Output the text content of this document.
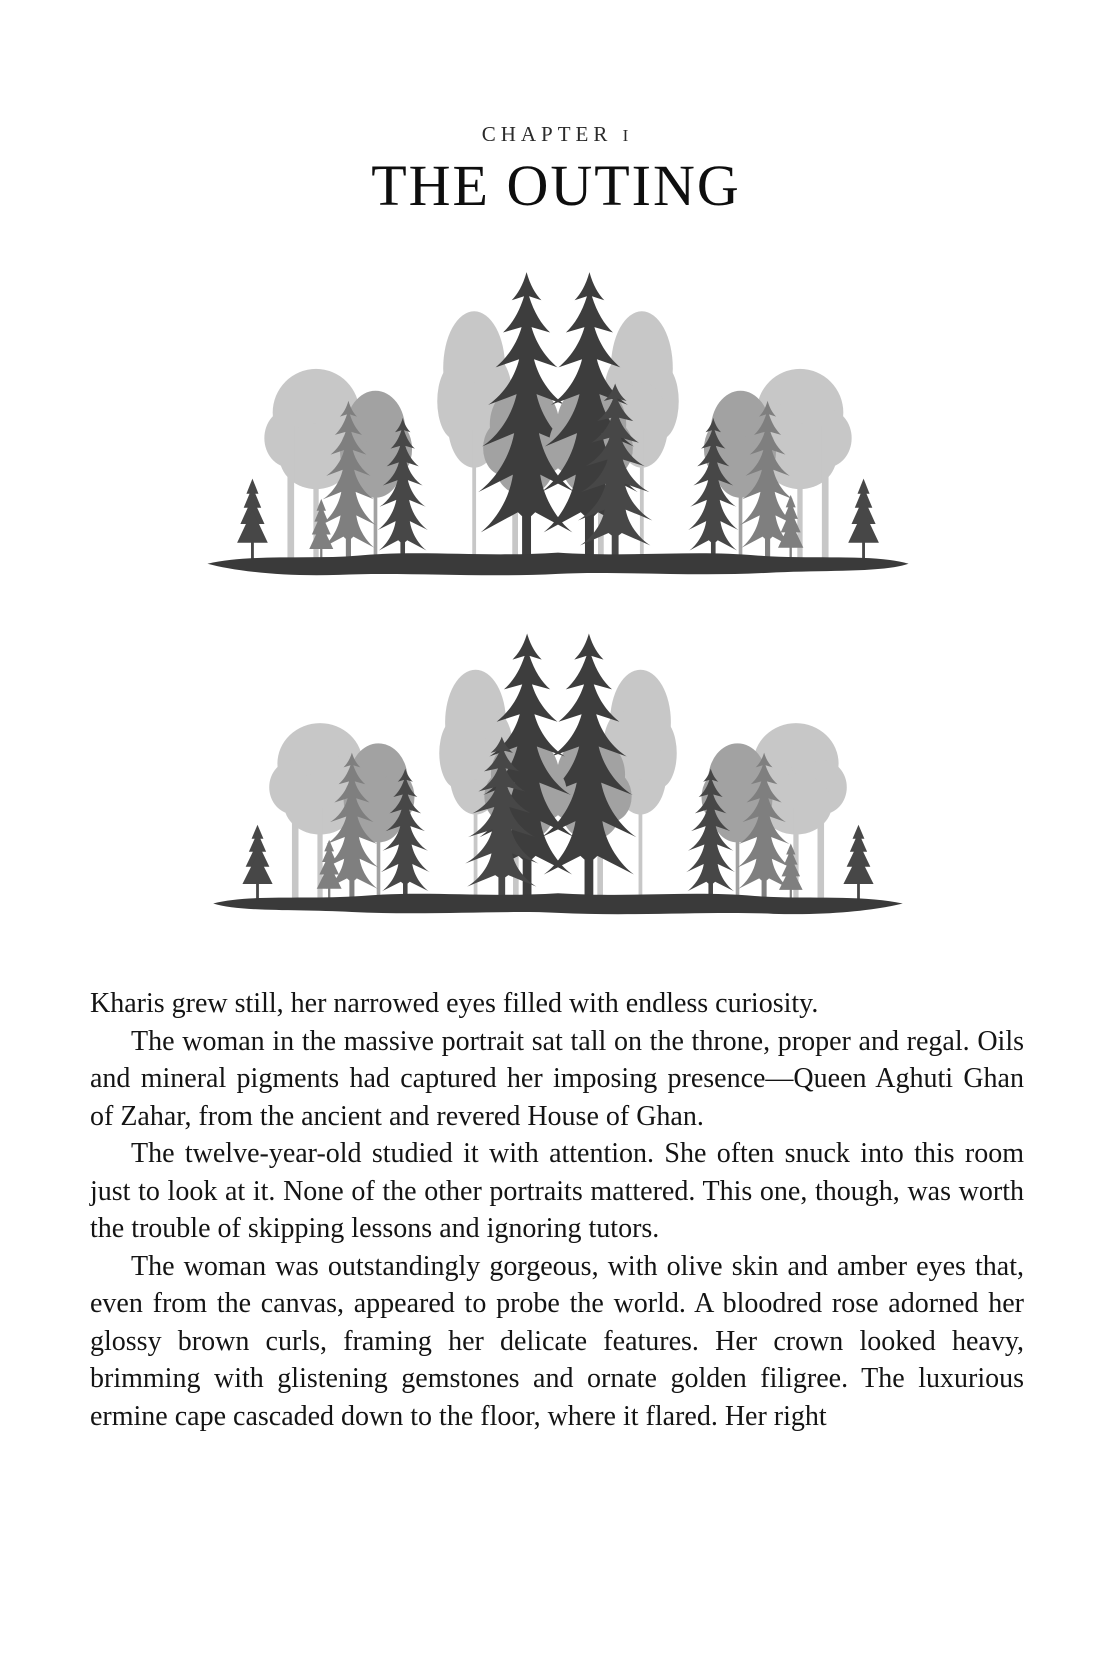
CHAPTER I
THE OUTING

Kharis grew still, her narrowed eyes filled with endless curiosity.

The woman in the massive portrait sat tall on the throne, proper and regal. Oils and mineral pigments had captured her imposing presence—Queen Aghuti Ghan of Zahar, from the ancient and revered House of Ghan.

The twelve-year-old studied it with attention. She often snuck into this room just to look at it. None of the other portraits mattered. This one, though, was worth the trouble of skipping lessons and ignoring tutors.

The woman was outstandingly gorgeous, with olive skin and amber eyes that, even from the canvas, appeared to probe the world. A bloodred rose adorned her glossy brown curls, framing her delicate features. Her crown looked heavy, brimming with glistening gemstones and ornate golden filigree. The luxurious ermine cape cascaded down to the floor, where it flared. Her right
